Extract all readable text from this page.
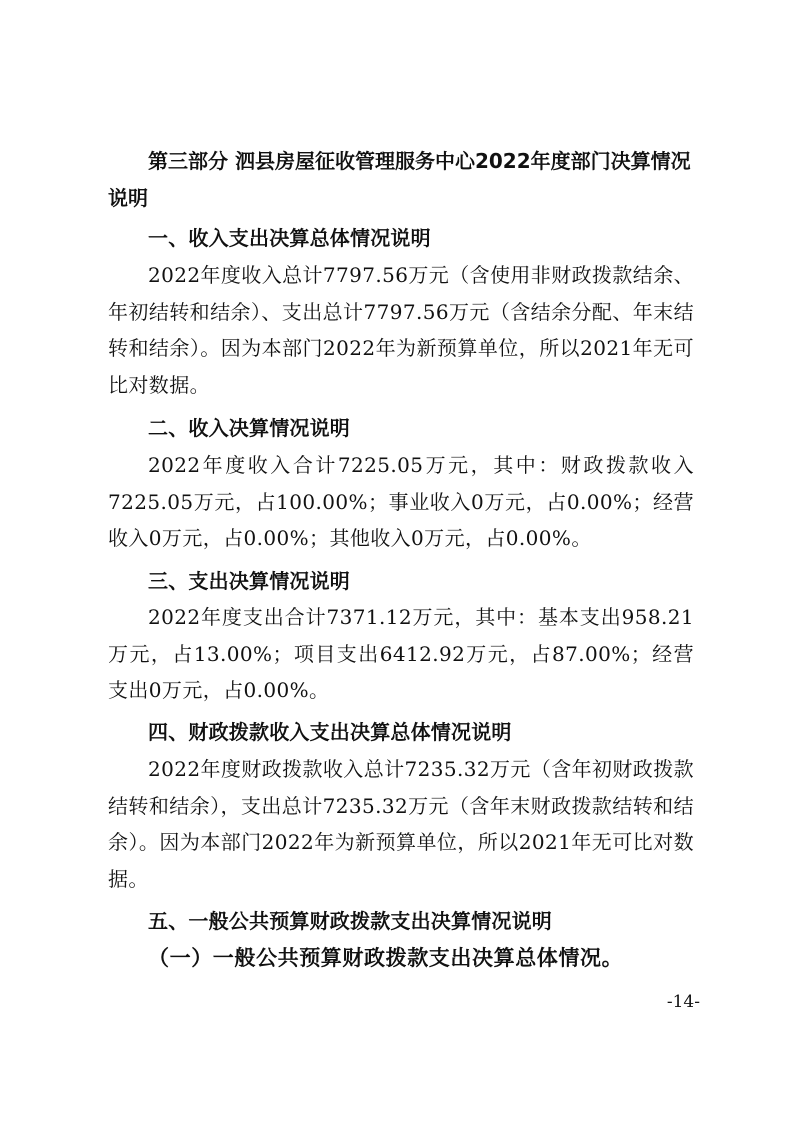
第三部分 泗县房屋征收管理服务中心2022年度部门决算情况说明

一、收入支出决算总体情况说明

2022年度收入总计7797.56万元（含使用非财政拨款结余、年初结转和结余）、支出总计7797.56万元（含结余分配、年末结转和结余）。因为本部门2022年为新预算单位，所以2021年无可比对数据。

二、收入决算情况说明

2022年度收入合计7225.05万元，其中：财政拨款收入7225.05万元，占100.00%；事业收入0万元，占0.00%；经营收入0万元，占0.00%；其他收入0万元，占0.00%。

三、支出决算情况说明

2022年度支出合计7371.12万元，其中：基本支出958.21万元，占13.00%；项目支出6412.92万元，占87.00%；经营支出0万元，占0.00%。

四、财政拨款收入支出决算总体情况说明

2022年度财政拨款收入总计7235.32万元（含年初财政拨款结转和结余），支出总计7235.32万元（含年末财政拨款结转和结余）。因为本部门2022年为新预算单位，所以2021年无可比对数据。

五、一般公共预算财政拨款支出决算情况说明

（一）一般公共预算财政拨款支出决算总体情况。

-14-
